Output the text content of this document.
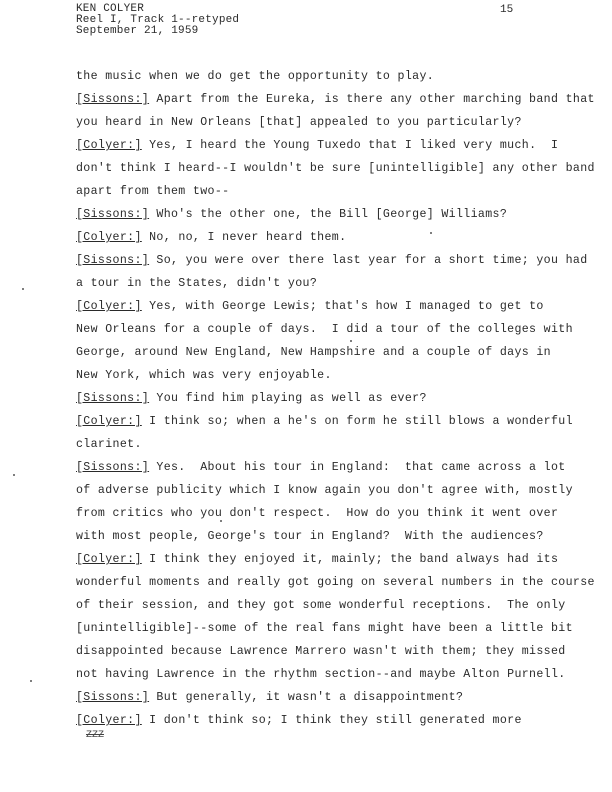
KEN COLYER
Reel I, Track 1--retyped
September 21, 1959
15
the music when we do get the opportunity to play.
[Sissons:] Apart from the Eureka, is there any other marching band that
you heard in New Orleans [that] appealed to you particularly?
[Colyer:] Yes, I heard the Young Tuxedo that I liked very much.  I
don't think I heard--I wouldn't be sure [unintelligible] any other band
apart from them two--
[Sissons:] Who's the other one, the Bill [George] Williams?
[Colyer:] No, no, I never heard them.
[Sissons:] So, you were over there last year for a short time; you had
a tour in the States, didn't you?
[Colyer:] Yes, with George Lewis; that's how I managed to get to
New Orleans for a couple of days.  I did a tour of the colleges with
George, around New England, New Hampshire and a couple of days in
New York, which was very enjoyable.
[Sissons:] You find him playing as well as ever?
[Colyer:] I think so; when a he's on form he still blows a wonderful
clarinet.
[Sissons:] Yes.  About his tour in England:  that came across a lot
of adverse publicity which I know again you don't agree with, mostly
from critics who you don't respect.  How do you think it went over
with most people, George's tour in England?  With the audiences?
[Colyer:] I think they enjoyed it, mainly; the band always had its
wonderful moments and really got going on several numbers in the course
of their session, and they got some wonderful receptions.  The only
[unintelligible]--some of the real fans might have been a little bit
disappointed because Lawrence Marrero wasn't with them; they missed
not having Lawrence in the rhythm section--and maybe Alton Purnell.
[Sissons:] But generally, it wasn't a disappointment?
[Colyer:] I don't think so; I think they still generated more
ZZZ
